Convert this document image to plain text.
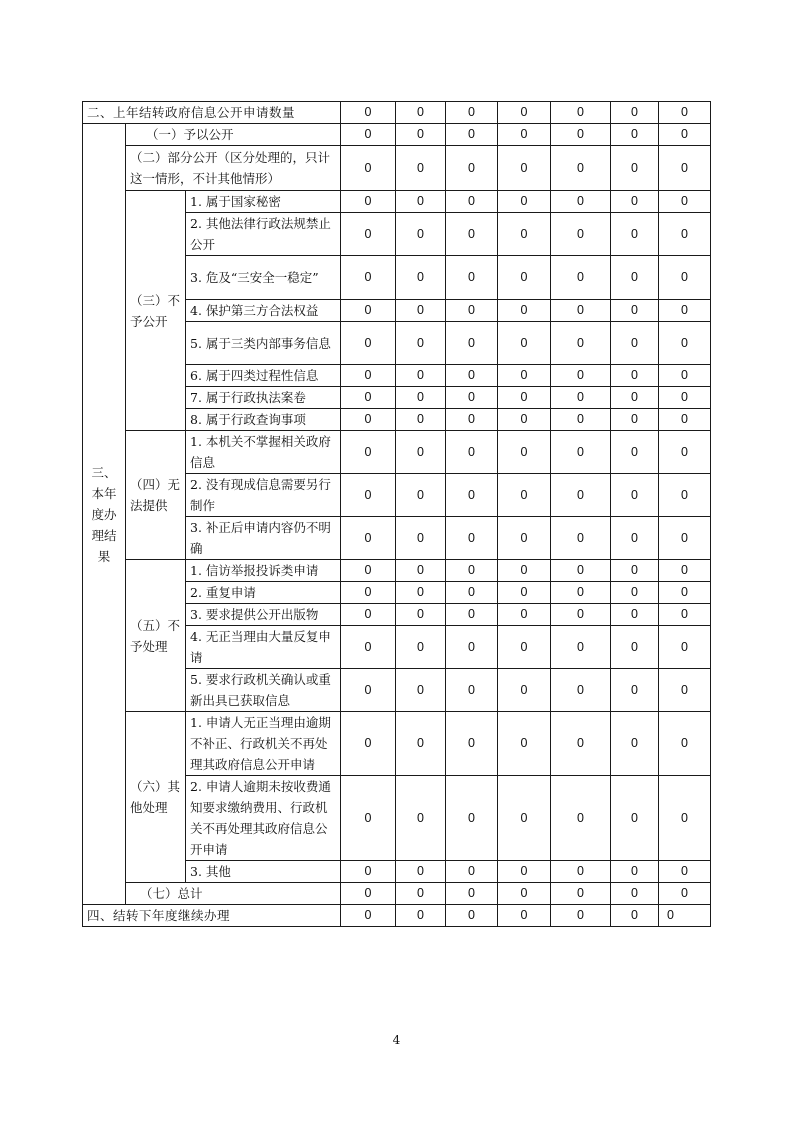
二、上年结转政府信息公开申请数量			0	0	0	0	0	0	0
三、本年度办理结果	（一）予以公开		0	0	0	0	0	0	0
	（二）部分公开（区分处理的，只计这一情形，不计其他情形）		0	0	0	0	0	0	0
	（三）不予公开	1. 属于国家秘密	0	0	0	0	0	0	0
		2. 其他法律行政法规禁止公开	0	0	0	0	0	0	0
		3. 危及“三安全一稳定”	0	0	0	0	0	0	0
		4. 保护第三方合法权益	0	0	0	0	0	0	0
		5. 属于三类内部事务信息	0	0	0	0	0	0	0
		6. 属于四类过程性信息	0	0	0	0	0	0	0
		7. 属于行政执法案卷	0	0	0	0	0	0	0
		8. 属于行政查询事项	0	0	0	0	0	0	0
	（四）无法提供	1. 本机关不掌握相关政府信息	0	0	0	0	0	0	0
		2. 没有现成信息需要另行制作	0	0	0	0	0	0	0
		3. 补正后申请内容仍不明确	0	0	0	0	0	0	0
	（五）不予处理	1. 信访举报投诉类申请	0	0	0	0	0	0	0
		2. 重复申请	0	0	0	0	0	0	0
		3. 要求提供公开出版物	0	0	0	0	0	0	0
		4. 无正当理由大量反复申请	0	0	0	0	0	0	0
		5. 要求行政机关确认或重新出具已获取信息	0	0	0	0	0	0	0
	（六）其他处理	1. 申请人无正当理由逾期不补正、行政机关不再处理其政府信息公开申请	0	0	0	0	0	0	0
		2. 申请人逾期未按收费通知要求缴纳费用、行政机关不再处理其政府信息公开申请	0	0	0	0	0	0	0
		3. 其他	0	0	0	0	0	0	0
	（七）总计		0	0	0	0	0	0	0
四、结转下年度继续办理			0	0	0	0	0	0	0
4
